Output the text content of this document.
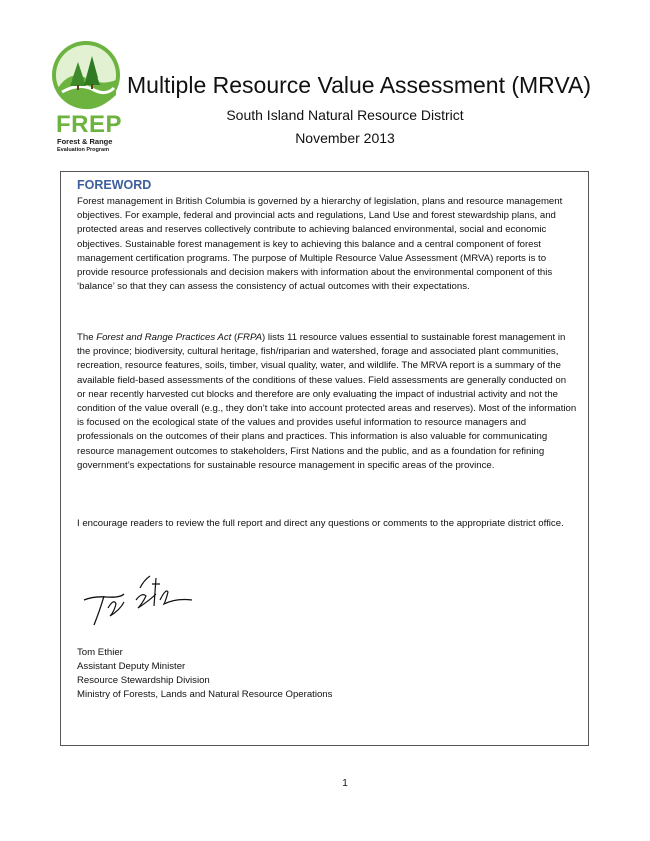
FREP
Forest & Range
Evaluation Program
Multiple Resource Value Assessment (MRVA)
South Island Natural Resource District
November 2013
FOREWORD

Forest management in British Columbia is governed by a hierarchy of legislation, plans and resource management objectives. For example, federal and provincial acts and regulations, Land Use and forest stewardship plans, and protected areas and reserves collectively contribute to achieving balanced environmental, social and economic objectives. Sustainable forest management is key to achieving this balance and a central component of forest management certification programs. The purpose of Multiple Resource Value Assessment (MRVA) reports is to provide resource professionals and decision makers with information about the environmental component of this ‘balance’ so that they can assess the consistency of actual outcomes with their expectations.

The Forest and Range Practices Act (FRPA) lists 11 resource values essential to sustainable forest management in the province; biodiversity, cultural heritage, fish/riparian and watershed, forage and associated plant communities, recreation, resource features, soils, timber, visual quality, water, and wildlife. The MRVA report is a summary of the available field-based assessments of the conditions of these values. Field assessments are generally conducted on or near recently harvested cut blocks and therefore are only evaluating the impact of industrial activity and not the condition of the value overall (e.g., they don’t take into account protected areas and reserves). Most of the information is focused on the ecological state of the values and provides useful information to resource managers and professionals on the outcomes of their plans and practices. This information is also valuable for communicating resource management outcomes to stakeholders, First Nations and the public, and as a foundation for refining government’s expectations for sustainable resource management in specific areas of the province.

I encourage readers to review the full report and direct any questions or comments to the appropriate district office.

Tom Ethier
Assistant Deputy Minister
Resource Stewardship Division
Ministry of Forests, Lands and Natural Resource Operations
1
